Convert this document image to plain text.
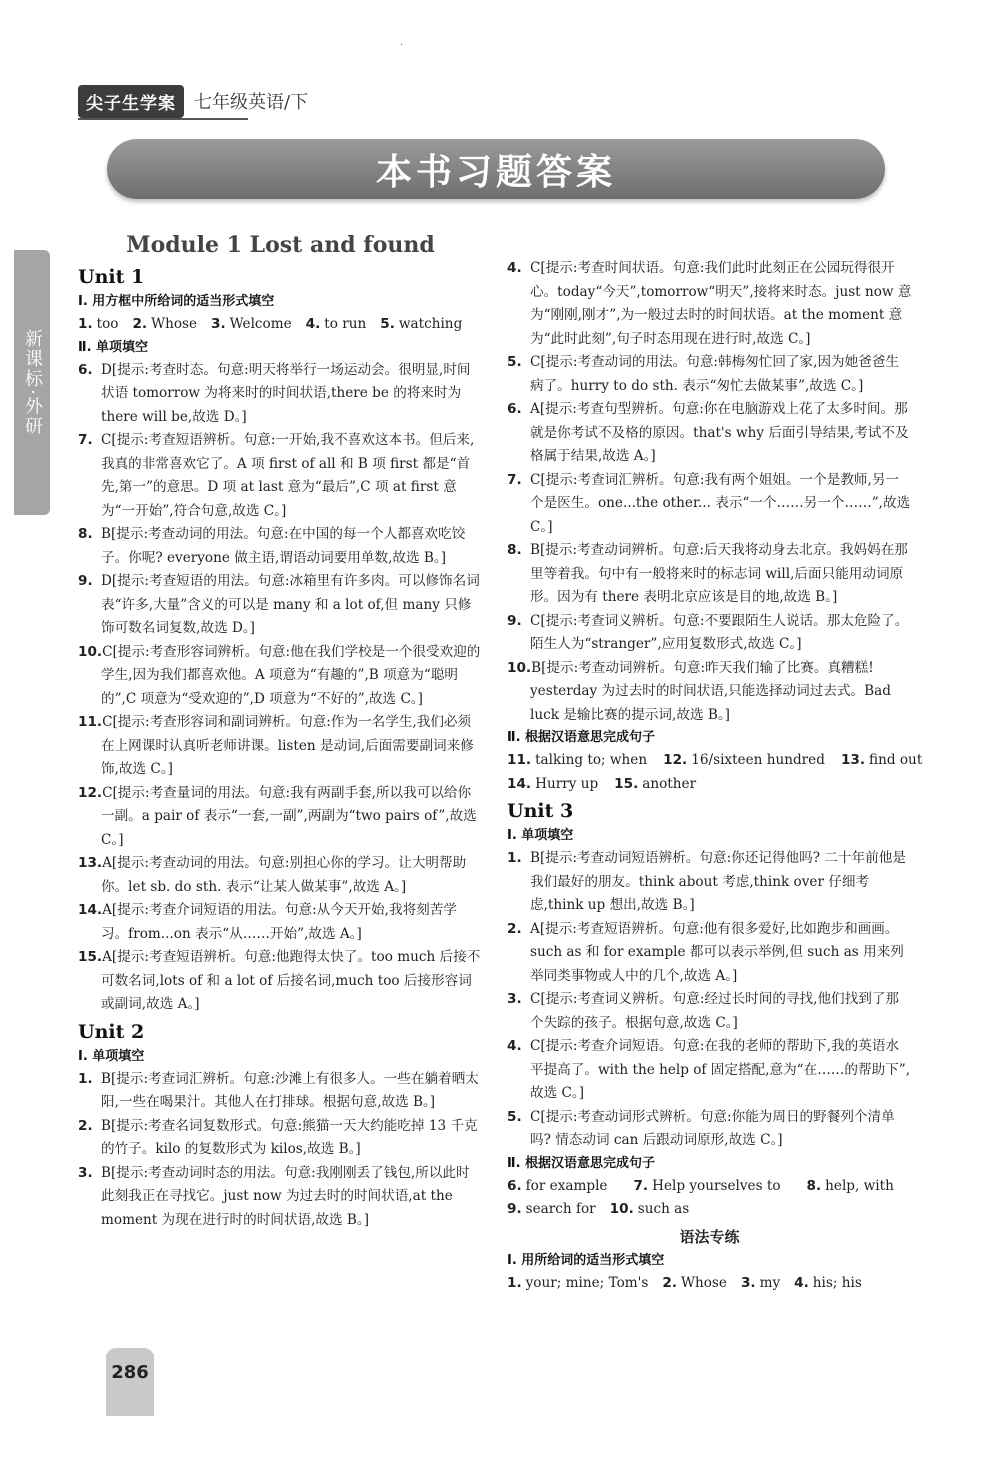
·
尖子生学案	七年级英语/下
本书习题答案
新课标·外研
Module 1 Lost and found
Unit 1
Ⅰ. 用方框中所给词的适当形式填空
1. too 2. Whose 3. Welcome 4. to run 5. watching
Ⅱ. 单项填空
6. D[提示:考查时态。句意:明天将举行一场运动会。很明显,时间状语 tomorrow 为将来时的时间状语,there be 的将来时为 there will be,故选 D。]
7. C[提示:考查短语辨析。句意:一开始,我不喜欢这本书。但后来,我真的非常喜欢它了。A 项 first of all 和 B 项 first 都是“首先,第一”的意思。D 项 at last 意为“最后”,C 项 at first 意为“一开始”,符合句意,故选 C。]
8. B[提示:考查动词的用法。句意:在中国的每一个人都喜欢吃饺子。你呢? everyone 做主语,谓语动词要用单数,故选 B。]
9. D[提示:考查短语的用法。句意:冰箱里有许多肉。可以修饰名词表“许多,大量”含义的可以是 many 和 a lot of,但 many 只修饰可数名词复数,故选 D。]
10.C[提示:考查形容词辨析。句意:他在我们学校是一个很受欢迎的学生,因为我们都喜欢他。A 项意为“有趣的”,B 项意为“聪明的”,C 项意为“受欢迎的”,D 项意为“不好的”,故选 C。]
11.C[提示:考查形容词和副词辨析。句意:作为一名学生,我们必须在上网课时认真听老师讲课。listen 是动词,后面需要副词来修饰,故选 C。]
12.C[提示:考查量词的用法。句意:我有两副手套,所以我可以给你一副。a pair of 表示“一套,一副”,两副为“two pairs of”,故选 C。]
13.A[提示:考查动词的用法。句意:别担心你的学习。让大明帮助你。let sb. do sth. 表示“让某人做某事”,故选 A。]
14.A[提示:考查介词短语的用法。句意:从今天开始,我将刻苦学习。from...on 表示“从……开始”,故选 A。]
15.A[提示:考查短语辨析。句意:他跑得太快了。too much 后接不可数名词,lots of 和 a lot of 后接名词,much too 后接形容词或副词,故选 A。]
Unit 2
Ⅰ. 单项填空
1. B[提示:考查词汇辨析。句意:沙滩上有很多人。一些在躺着晒太阳,一些在喝果汁。其他人在打排球。根据句意,故选 B。]
2. B[提示:考查名词复数形式。句意:熊猫一天大约能吃掉 13 千克的竹子。kilo 的复数形式为 kilos,故选 B。]
3. B[提示:考查动词时态的用法。句意:我刚刚丢了钱包,所以此时此刻我正在寻找它。just now 为过去时的时间状语,at the moment 为现在进行时的时间状语,故选 B。]
4. C[提示:考查时间状语。句意:我们此时此刻正在公园玩得很开心。today“今天”,tomorrow“明天”,接将来时态。just now 意为“刚刚,刚才”,为一般过去时的时间状语。at the moment 意为“此时此刻”,句子时态用现在进行时,故选 C。]
5. C[提示:考查动词的用法。句意:韩梅匆忙回了家,因为她爸爸生病了。hurry to do sth. 表示“匆忙去做某事”,故选 C。]
6. A[提示:考查句型辨析。句意:你在电脑游戏上花了太多时间。那就是你考试不及格的原因。that's why 后面引导结果,考试不及格属于结果,故选 A。]
7. C[提示:考查词汇辨析。句意:我有两个姐姐。一个是教师,另一个是医生。one...the other... 表示“一个……另一个……”,故选 C。]
8. B[提示:考查动词辨析。句意:后天我将动身去北京。我妈妈在那里等着我。句中有一般将来时的标志词 will,后面只能用动词原形。因为有 there 表明北京应该是目的地,故选 B。]
9. C[提示:考查词义辨析。句意:不要跟陌生人说话。那太危险了。陌生人为“stranger”,应用复数形式,故选 C。]
10.B[提示:考查动词辨析。句意:昨天我们输了比赛。真糟糕! yesterday 为过去时的时间状语,只能选择动词过去式。Bad luck 是输比赛的提示词,故选 B。]
Ⅱ. 根据汉语意思完成句子
11. talking to; when 12. 16/sixteen hundred 13. find out
14. Hurry up 15. another
Unit 3
Ⅰ. 单项填空
1. B[提示:考查动词短语辨析。句意:你还记得他吗? 二十年前他是我们最好的朋友。think about 考虑,think over 仔细考虑,think up 想出,故选 B。]
2. A[提示:考查短语辨析。句意:他有很多爱好,比如跑步和画画。such as 和 for example 都可以表示举例,但 such as 用来列举同类事物或人中的几个,故选 A。]
3. C[提示:考查词义辨析。句意:经过长时间的寻找,他们找到了那个失踪的孩子。根据句意,故选 C。]
4. C[提示:考查介词短语。句意:在我的老师的帮助下,我的英语水平提高了。with the help of 固定搭配,意为“在……的帮助下”,故选 C。]
5. C[提示:考查动词形式辨析。句意:你能为周日的野餐列个清单吗? 情态动词 can 后跟动词原形,故选 C。]
Ⅱ. 根据汉语意思完成句子
6. for example 7. Help yourselves to 8. help, with
9. search for 10. such as
语法专练
Ⅰ. 用所给词的适当形式填空
1. your; mine; Tom's 2. Whose 3. my 4. his; his
286
